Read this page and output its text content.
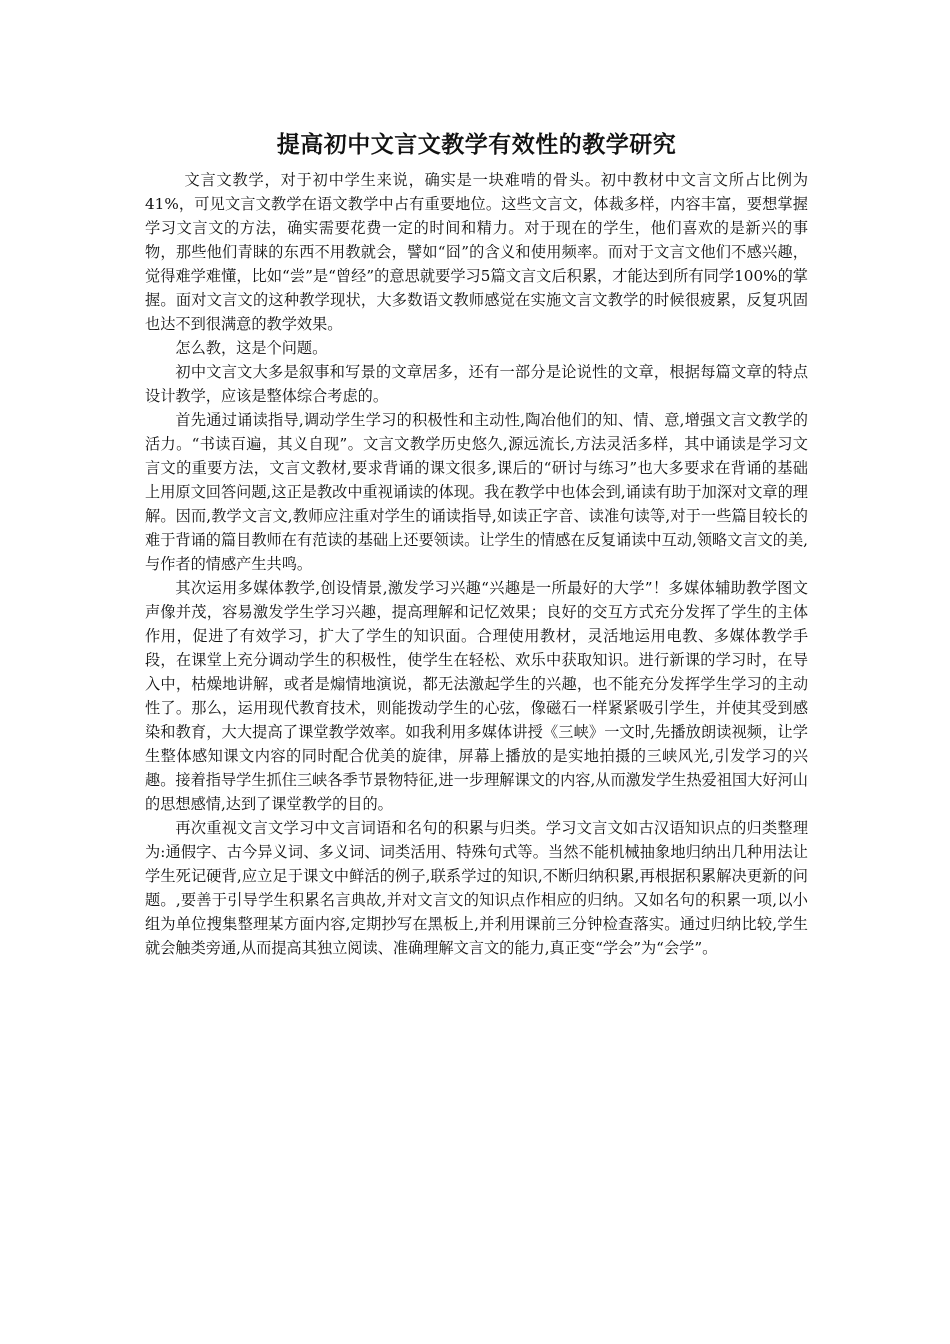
提高初中文言文教学有效性的教学研究

文言文教学，对于初中学生来说，确实是一块难啃的骨头。初中教材中文言文所占比例为41%，可见文言文教学在语文教学中占有重要地位。这些文言文，体裁多样，内容丰富，要想掌握学习文言文的方法，确实需要花费一定的时间和精力。对于现在的学生，他们喜欢的是新兴的事物，那些他们青睐的东西不用教就会，譬如“囧”的含义和使用频率。而对于文言文他们不感兴趣，觉得难学难懂，比如“尝”是“曾经”的意思就要学习5篇文言文后积累，才能达到所有同学100%的掌握。面对文言文的这种教学现状，大多数语文教师感觉在实施文言文教学的时候很疲累，反复巩固也达不到很满意的教学效果。

怎么教，这是个问题。

初中文言文大多是叙事和写景的文章居多，还有一部分是论说性的文章，根据每篇文章的特点设计教学，应该是整体综合考虑的。

首先通过诵读指导,调动学生学习的积极性和主动性,陶冶他们的知、情、意,增强文言文教学的活力。“书读百遍，其义自现”。文言文教学历史悠久,源远流长,方法灵活多样，其中诵读是学习文言文的重要方法，文言文教材,要求背诵的课文很多,课后的“研讨与练习”也大多要求在背诵的基础上用原文回答问题,这正是教改中重视诵读的体现。我在教学中也体会到,诵读有助于加深对文章的理解。因而,教学文言文,教师应注重对学生的诵读指导,如读正字音、读准句读等,对于一些篇目较长的难于背诵的篇目教师在有范读的基础上还要领读。让学生的情感在反复诵读中互动,领略文言文的美,与作者的情感产生共鸣。

其次运用多媒体教学,创设情景,激发学习兴趣“兴趣是一所最好的大学”！多媒体辅助教学图文声像并茂，容易激发学生学习兴趣，提高理解和记忆效果；良好的交互方式充分发挥了学生的主体作用，促进了有效学习，扩大了学生的知识面。合理使用教材，灵活地运用电教、多媒体教学手段，在课堂上充分调动学生的积极性，使学生在轻松、欢乐中获取知识。进行新课的学习时，在导入中，枯燥地讲解，或者是煽情地演说，都无法激起学生的兴趣，也不能充分发挥学生学习的主动性了。那么，运用现代教育技术，则能拨动学生的心弦，像磁石一样紧紧吸引学生，并使其受到感染和教育，大大提高了课堂教学效率。如我利用多媒体讲授《三峡》一文时,先播放朗读视频，让学生整体感知课文内容的同时配合优美的旋律，屏幕上播放的是实地拍摄的三峡风光,引发学习的兴趣。接着指导学生抓住三峡各季节景物特征,进一步理解课文的内容,从而激发学生热爱祖国大好河山的思想感情,达到了课堂教学的目的。

再次重视文言文学习中文言词语和名句的积累与归类。学习文言文如古汉语知识点的归类整理为:通假字、古今异义词、多义词、词类活用、特殊句式等。当然不能机械抽象地归纳出几种用法让学生死记硬背,应立足于课文中鲜活的例子,联系学过的知识,不断归纳积累,再根据积累解决更新的问题。,要善于引导学生积累名言典故,并对文言文的知识点作相应的归纳。又如名句的积累一项,以小组为单位搜集整理某方面内容,定期抄写在黑板上,并利用课前三分钟检查落实。通过归纳比较,学生就会触类旁通,从而提高其独立阅读、准确理解文言文的能力,真正变“学会”为“会学”。
